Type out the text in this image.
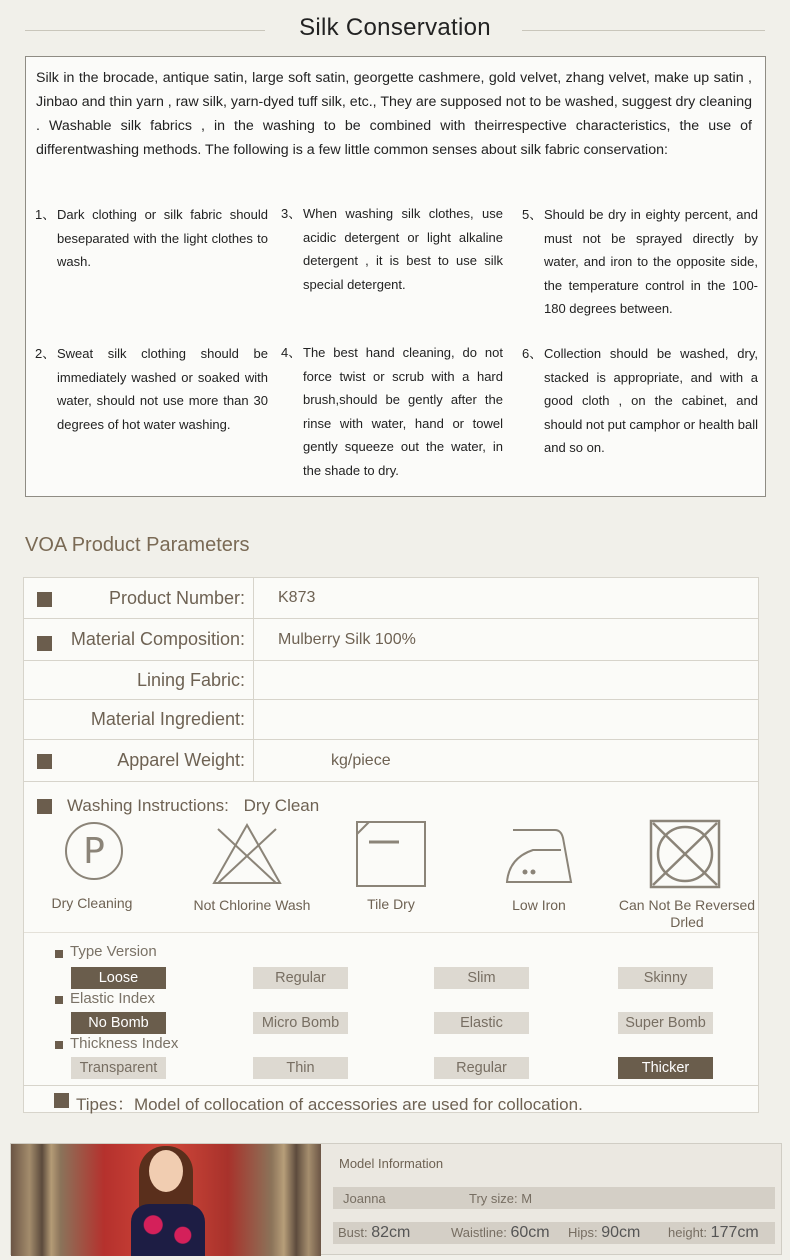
Silk Conservation

Silk in the brocade, antique satin, large soft satin, georgette cashmere, gold velvet, zhang velvet, make up satin , Jinbao and thin yarn , raw silk, yarn-dyed tuff silk, etc., They are supposed not to be washed, suggest dry cleaning . Washable silk fabrics , in the washing to be combined with theirrespective characteristics, the use of differentwashing methods. The following is a few little common senses about silk fabric conservation:

1、 Dark clothing or silk fabric should beseparated with the light clothes to wash.
2、 Sweat silk clothing should be immediately washed or soaked with water, should not use more than 30 degrees of hot water washing.
3、 When washing silk clothes, use acidic detergent or light alkaline detergent , it is best to use silk special detergent.
4、 The best hand cleaning, do not force twist or scrub with a hard brush,should be gently after the rinse with water, hand or towel gently squeeze out the water, in the shade to dry.
5、 Should be dry in eighty percent, and must not be sprayed directly by water, and iron to the opposite side, the temperature control in the 100-180 degrees between.
6、 Collection should be washed, dry, stacked is appropriate, and with a good cloth , on the cabinet, and should not put camphor or health ball and so on.
VOA Product Parameters
Product Number:	K873
Material Composition:	Mulberry Silk 100%
Lining Fabric:
Material Ingredient:
Apparel Weight:	kg/piece
Washing Instructions: Dry Clean
P
Dry Cleaning	Not Chlorine Wash	Tile Dry	Low Iron	Can Not Be Reversed Drled
Type Version
Loose	Regular	Slim	Skinny
Elastic Index
No Bomb	Micro Bomb	Elastic	Super Bomb
Thickness Index
Transparent	Thin	Regular	Thicker
Tipes：Model of collocation of accessories are used for collocation.
Model Information
Joanna	Try size: M
Bust: 82cm	Waistline: 60cm Hips: 90cm height: 177cm
